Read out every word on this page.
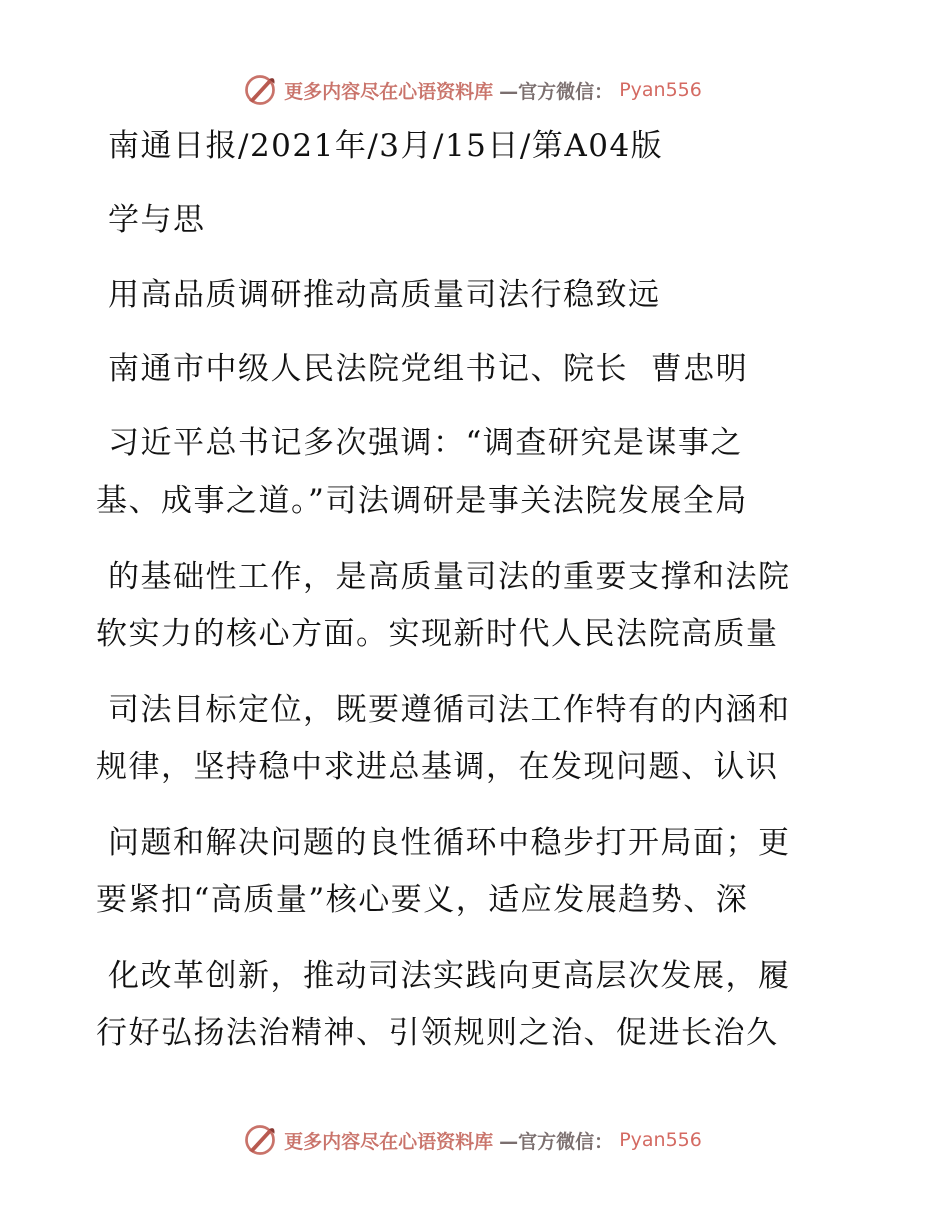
更多内容尽在心语资料库 —官方微信： Pyan556
南通日报/2021年/3月/15日/第A04版
学与思
用高品质调研推动高质量司法行稳致远
南通市中级人民法院党组书记、院长  曹忠明
习近平总书记多次强调：“调查研究是谋事之
基、成事之道。”司法调研是事关法院发展全局
的基础性工作，是高质量司法的重要支撑和法院
软实力的核心方面。实现新时代人民法院高质量
司法目标定位，既要遵循司法工作特有的内涵和
规律，坚持稳中求进总基调，在发现问题、认识
问题和解决问题的良性循环中稳步打开局面；更
要紧扣“高质量”核心要义，适应发展趋势、深
化改革创新，推动司法实践向更高层次发展，履
行好弘扬法治精神、引领规则之治、促进长治久
更多内容尽在心语资料库 —官方微信： Pyan556
